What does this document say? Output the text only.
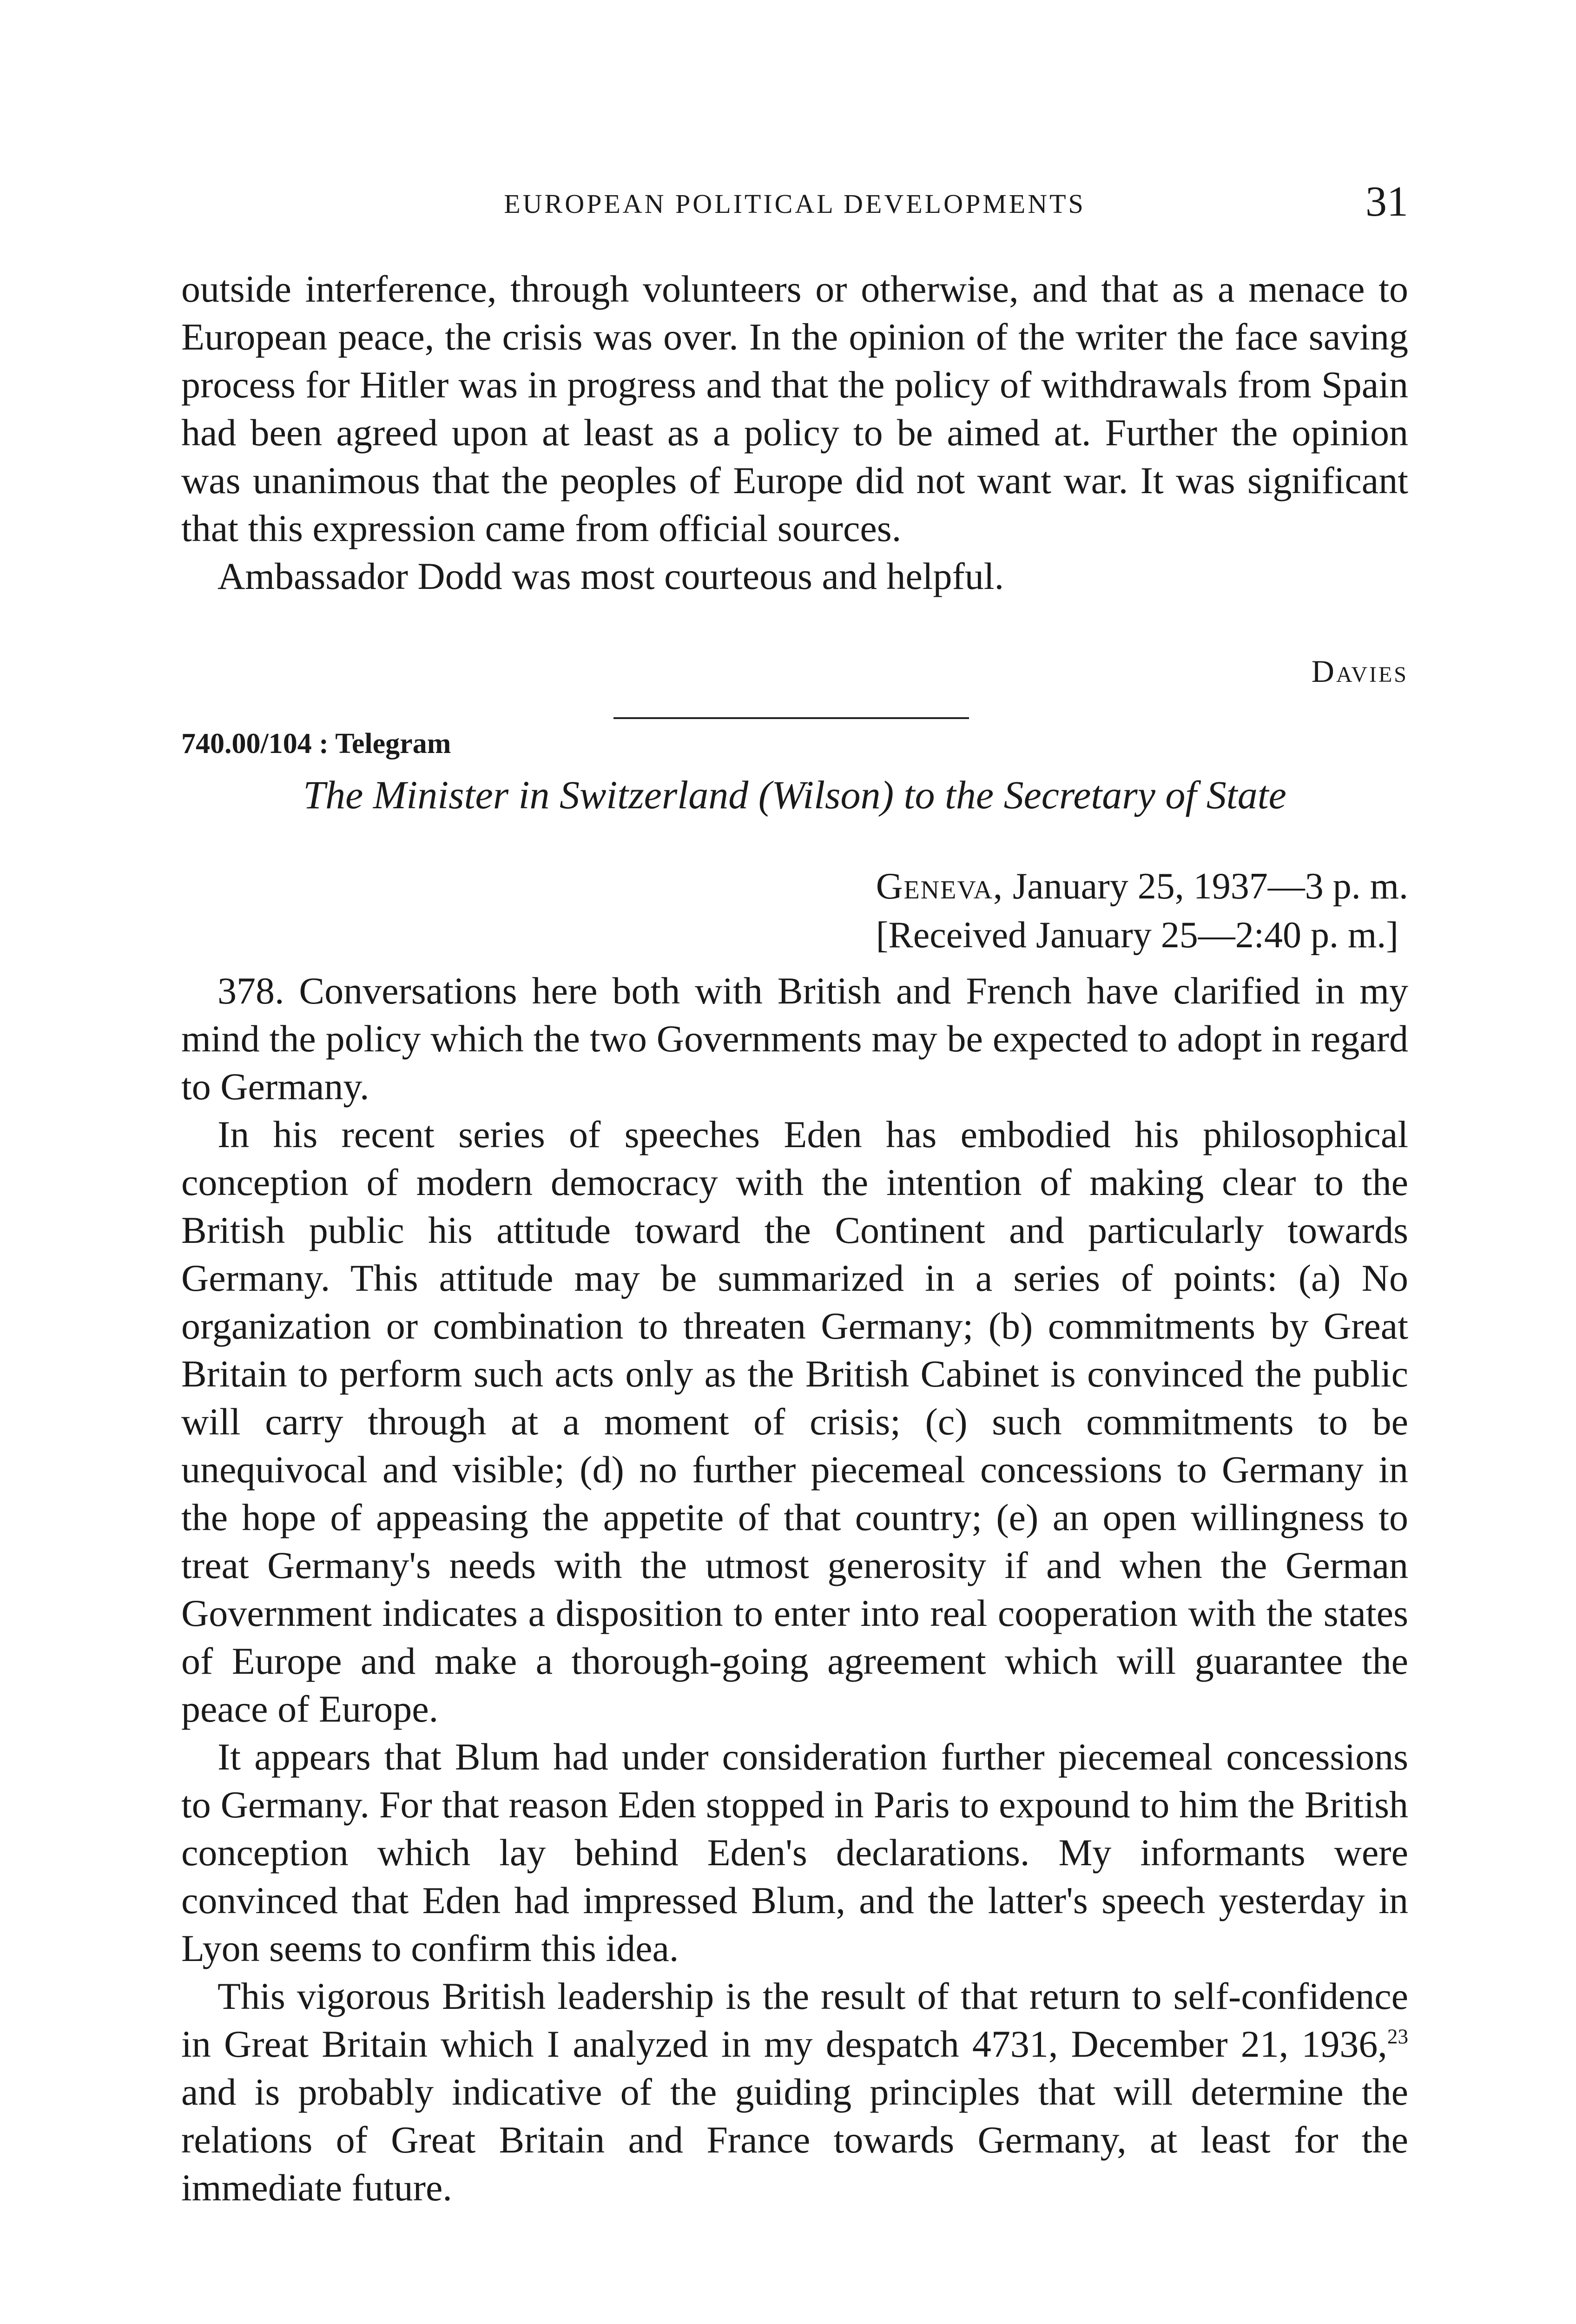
EUROPEAN POLITICAL DEVELOPMENTS	31

outside interference, through volunteers or otherwise, and that as a menace to European peace, the crisis was over. In the opinion of the writer the face saving process for Hitler was in progress and that the policy of withdrawals from Spain had been agreed upon at least as a policy to be aimed at. Further the opinion was unanimous that the peoples of Europe did not want war. It was significant that this expression came from official sources.

Ambassador Dodd was most courteous and helpful.

Davies
740.00/104 : Telegram
The Minister in Switzerland (Wilson) to the Secretary of State
Geneva, January 25, 1937—3 p. m.
[Received January 25—2:40 p. m.]

378. Conversations here both with British and French have clarified in my mind the policy which the two Governments may be expected to adopt in regard to Germany.

In his recent series of speeches Eden has embodied his philosophical conception of modern democracy with the intention of making clear to the British public his attitude toward the Continent and particularly towards Germany. This attitude may be summarized in a series of points: (a) No organization or combination to threaten Germany; (b) commitments by Great Britain to perform such acts only as the British Cabinet is convinced the public will carry through at a moment of crisis; (c) such commitments to be unequivocal and visible; (d) no further piecemeal concessions to Germany in the hope of appeasing the appetite of that country; (e) an open willingness to treat Germany's needs with the utmost generosity if and when the German Government indicates a disposition to enter into real cooperation with the states of Europe and make a thorough-going agreement which will guarantee the peace of Europe.

It appears that Blum had under consideration further piecemeal concessions to Germany. For that reason Eden stopped in Paris to expound to him the British conception which lay behind Eden's declarations. My informants were convinced that Eden had impressed Blum, and the latter's speech yesterday in Lyon seems to confirm this idea.

This vigorous British leadership is the result of that return to self-confidence in Great Britain which I analyzed in my despatch 4731, December 21, 1936,23 and is probably indicative of the guiding principles that will determine the relations of Great Britain and France towards Germany, at least for the immediate future.
